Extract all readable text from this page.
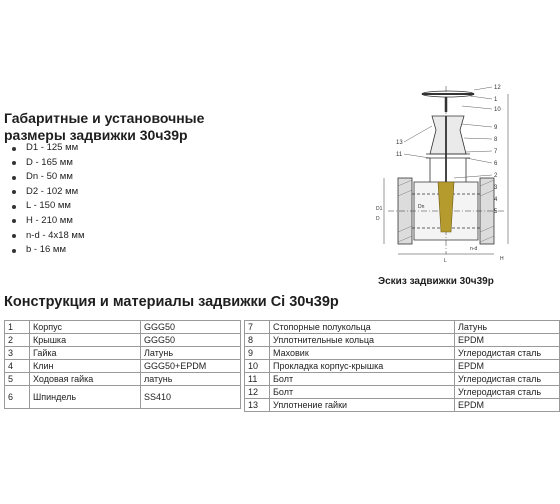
Габаритные и установочные размеры задвижки 30ч39р
D1 - 125 мм
D - 165 мм
Dn - 50 мм
D2 - 102 мм
L - 150 мм
H - 210 мм
n-d - 4x18 мм
b - 16 мм
12
1
10
9
8
13
7
6
11
2
3
4
5
D1
D
Dn
L	H
n-d
Эскиз задвижки 30ч39р
Конструкция и материалы задвижки Ci 30ч39р
1	Корпус	GGG50
2	Крышка	GGG50
3	Гайка	Латунь
4	Клин	GGG50+EPDM
5	Ходовая гайка	латунь
6	Шпиндель	SS410
7	Стопорные полукольца	Латунь
8	Уплотнительные кольца	EPDM
9	Маховик	Углеродистая сталь
10	Прокладка корпус-крышка	EPDM
11	Болт	Углеродистая сталь
12	Болт	Углеродистая сталь
13	Уплотнение гайки	EPDM
